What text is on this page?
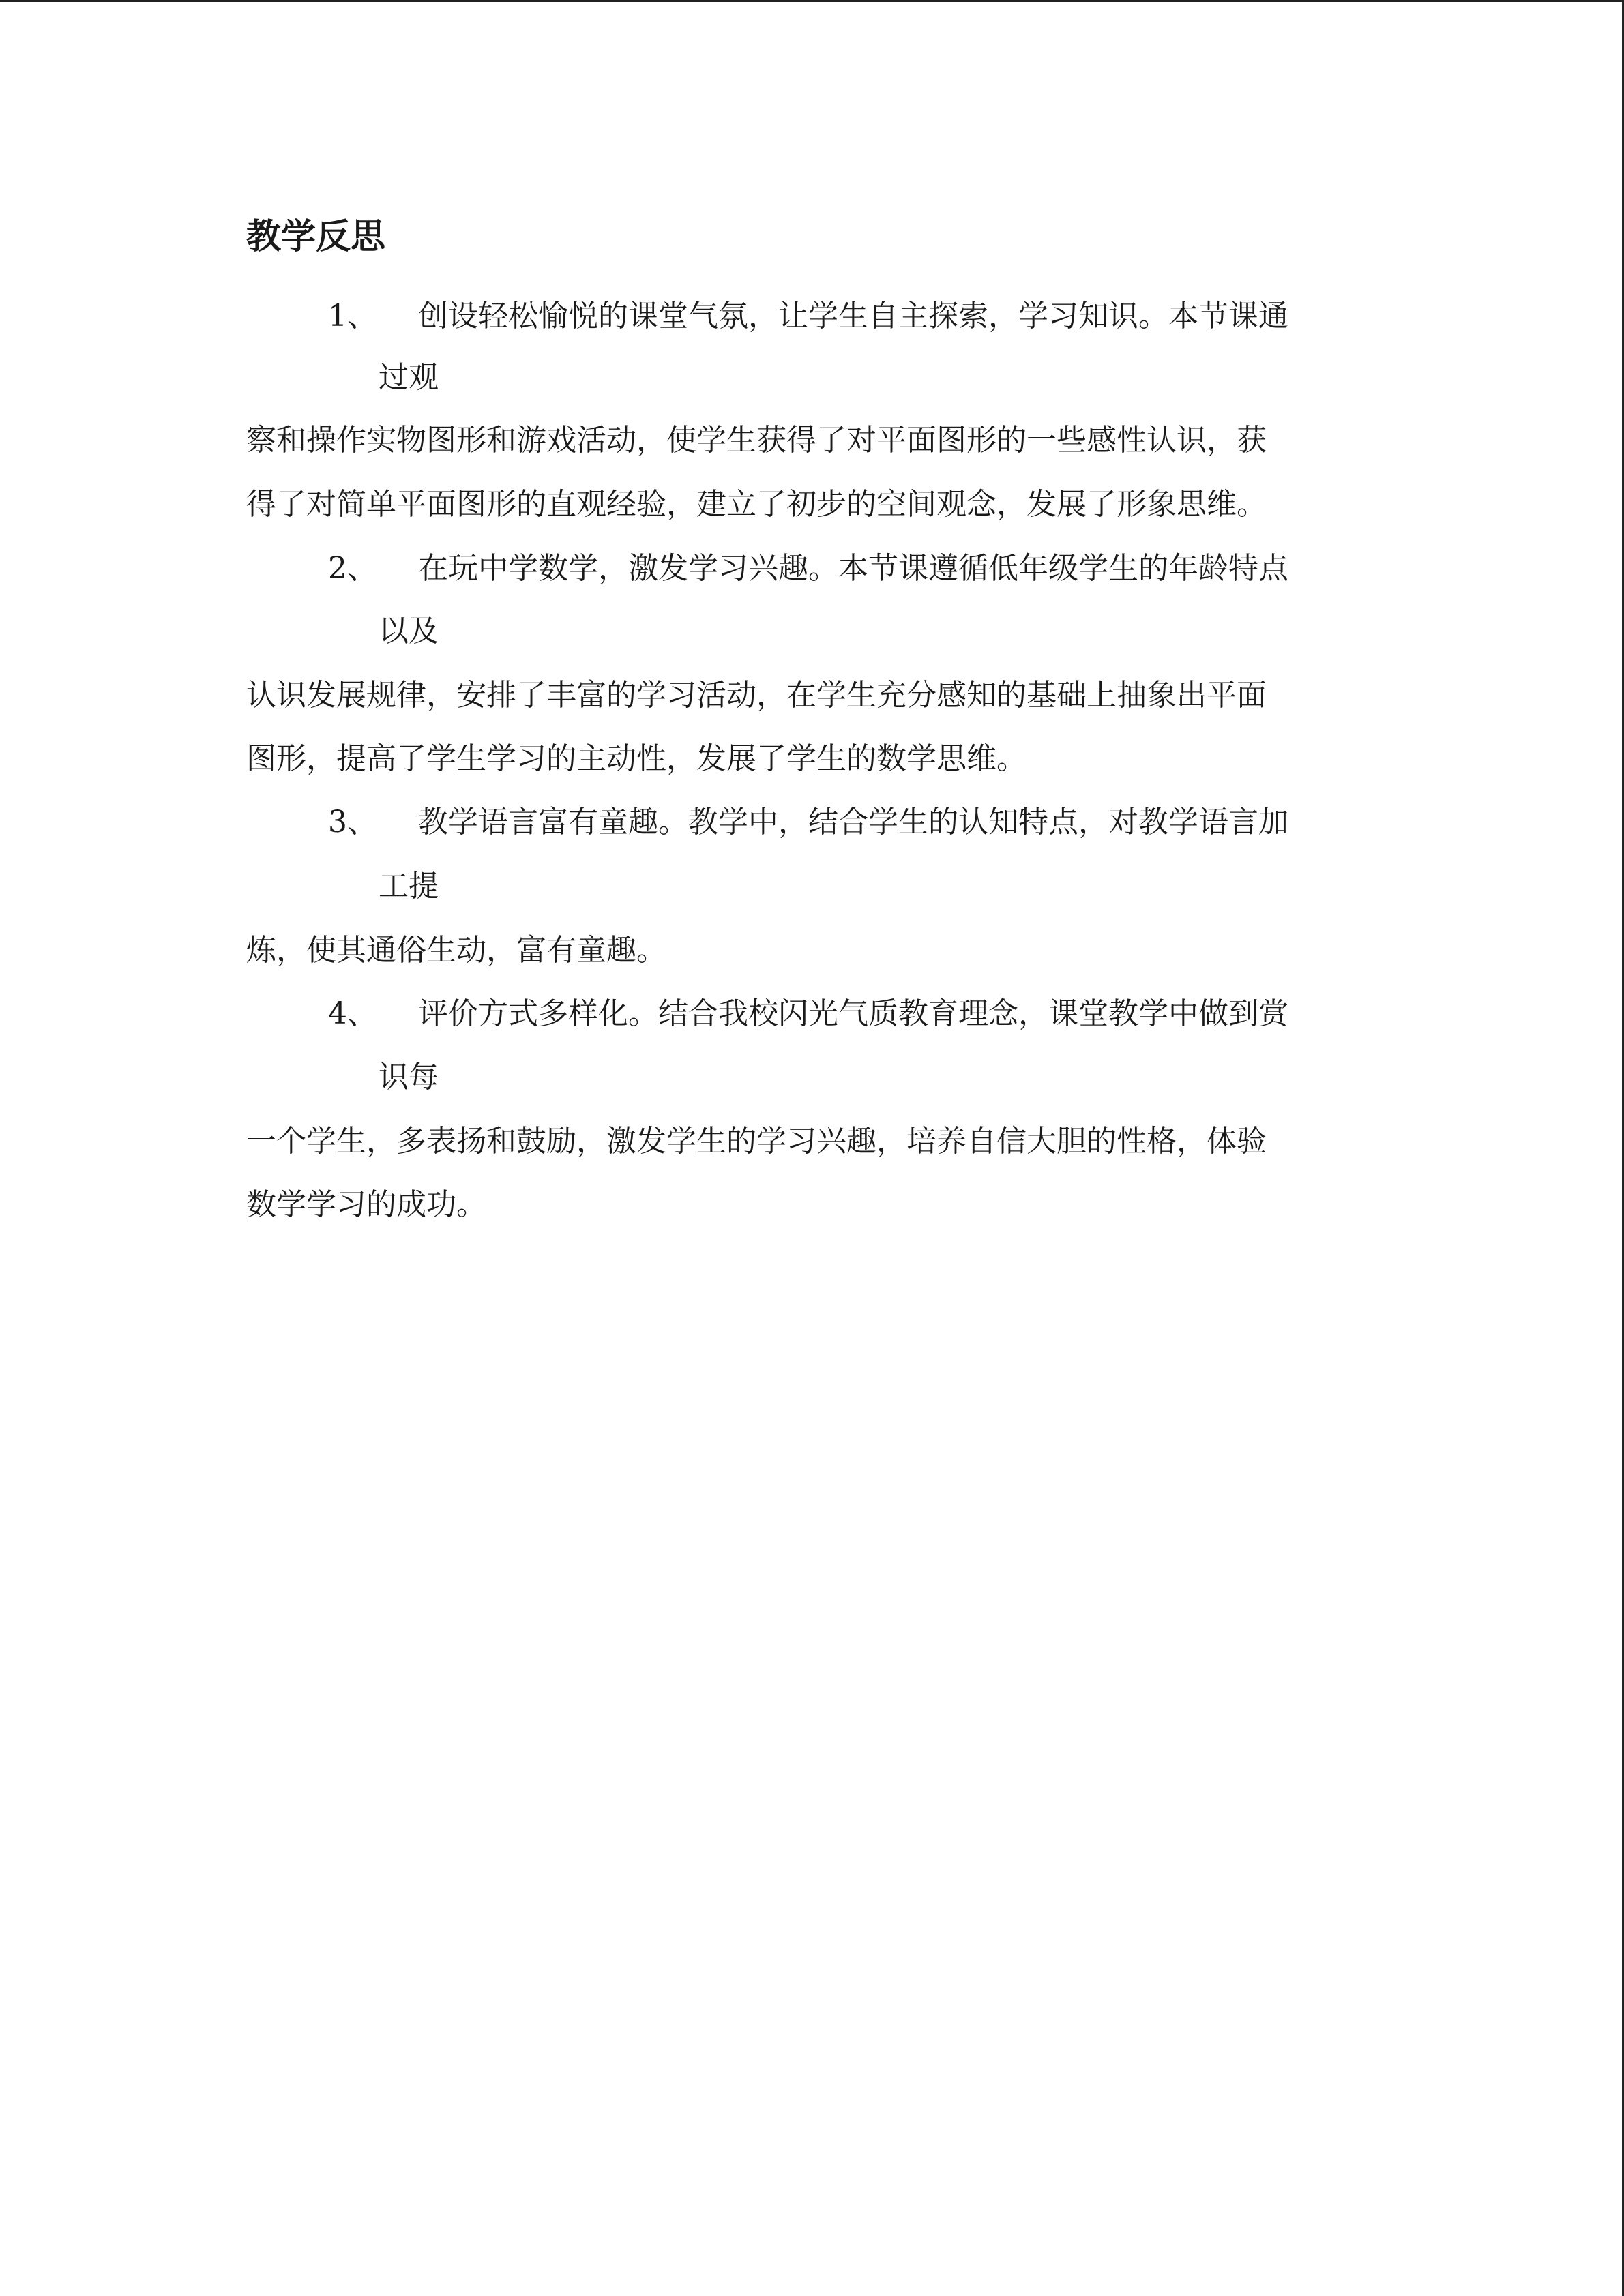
教学反思
1、 创设轻松愉悦的课堂气氛，让学生自主探索，学习知识。本节课通
过观
察和操作实物图形和游戏活动，使学生获得了对平面图形的一些感性认识，获
得了对简单平面图形的直观经验，建立了初步的空间观念，发展了形象思维。
2、 在玩中学数学，激发学习兴趣。本节课遵循低年级学生的年龄特点
以及
认识发展规律，安排了丰富的学习活动，在学生充分感知的基础上抽象出平面
图形，提高了学生学习的主动性，发展了学生的数学思维。
3、 教学语言富有童趣。教学中，结合学生的认知特点，对教学语言加
工提
炼，使其通俗生动，富有童趣。
4、 评价方式多样化。结合我校闪光气质教育理念，课堂教学中做到赏
识每
一个学生，多表扬和鼓励，激发学生的学习兴趣，培养自信大胆的性格，体验
数学学习的成功。
